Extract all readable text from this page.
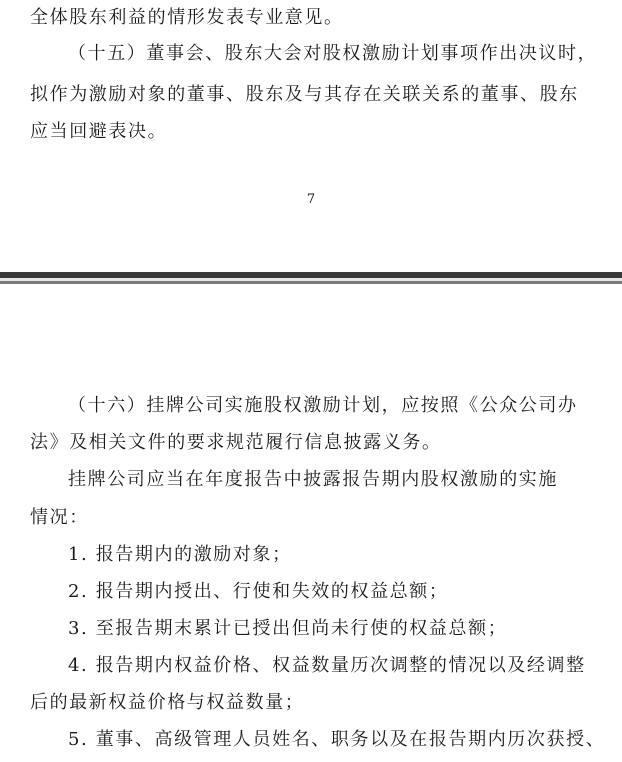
全体股东利益的情形发表专业意见。
（十五）董事会、股东大会对股权激励计划事项作出决议时，
拟作为激励对象的董事、股东及与其存在关联关系的董事、股东
应当回避表决。
7
（十六）挂牌公司实施股权激励计划，应按照《公众公司办
法》及相关文件的要求规范履行信息披露义务。
挂牌公司应当在年度报告中披露报告期内股权激励的实施
情况：
1. 报告期内的激励对象；
2. 报告期内授出、行使和失效的权益总额；
3. 至报告期末累计已授出但尚未行使的权益总额；
4. 报告期内权益价格、权益数量历次调整的情况以及经调整
后的最新权益价格与权益数量；
5. 董事、高级管理人员姓名、职务以及在报告期内历次获授、
